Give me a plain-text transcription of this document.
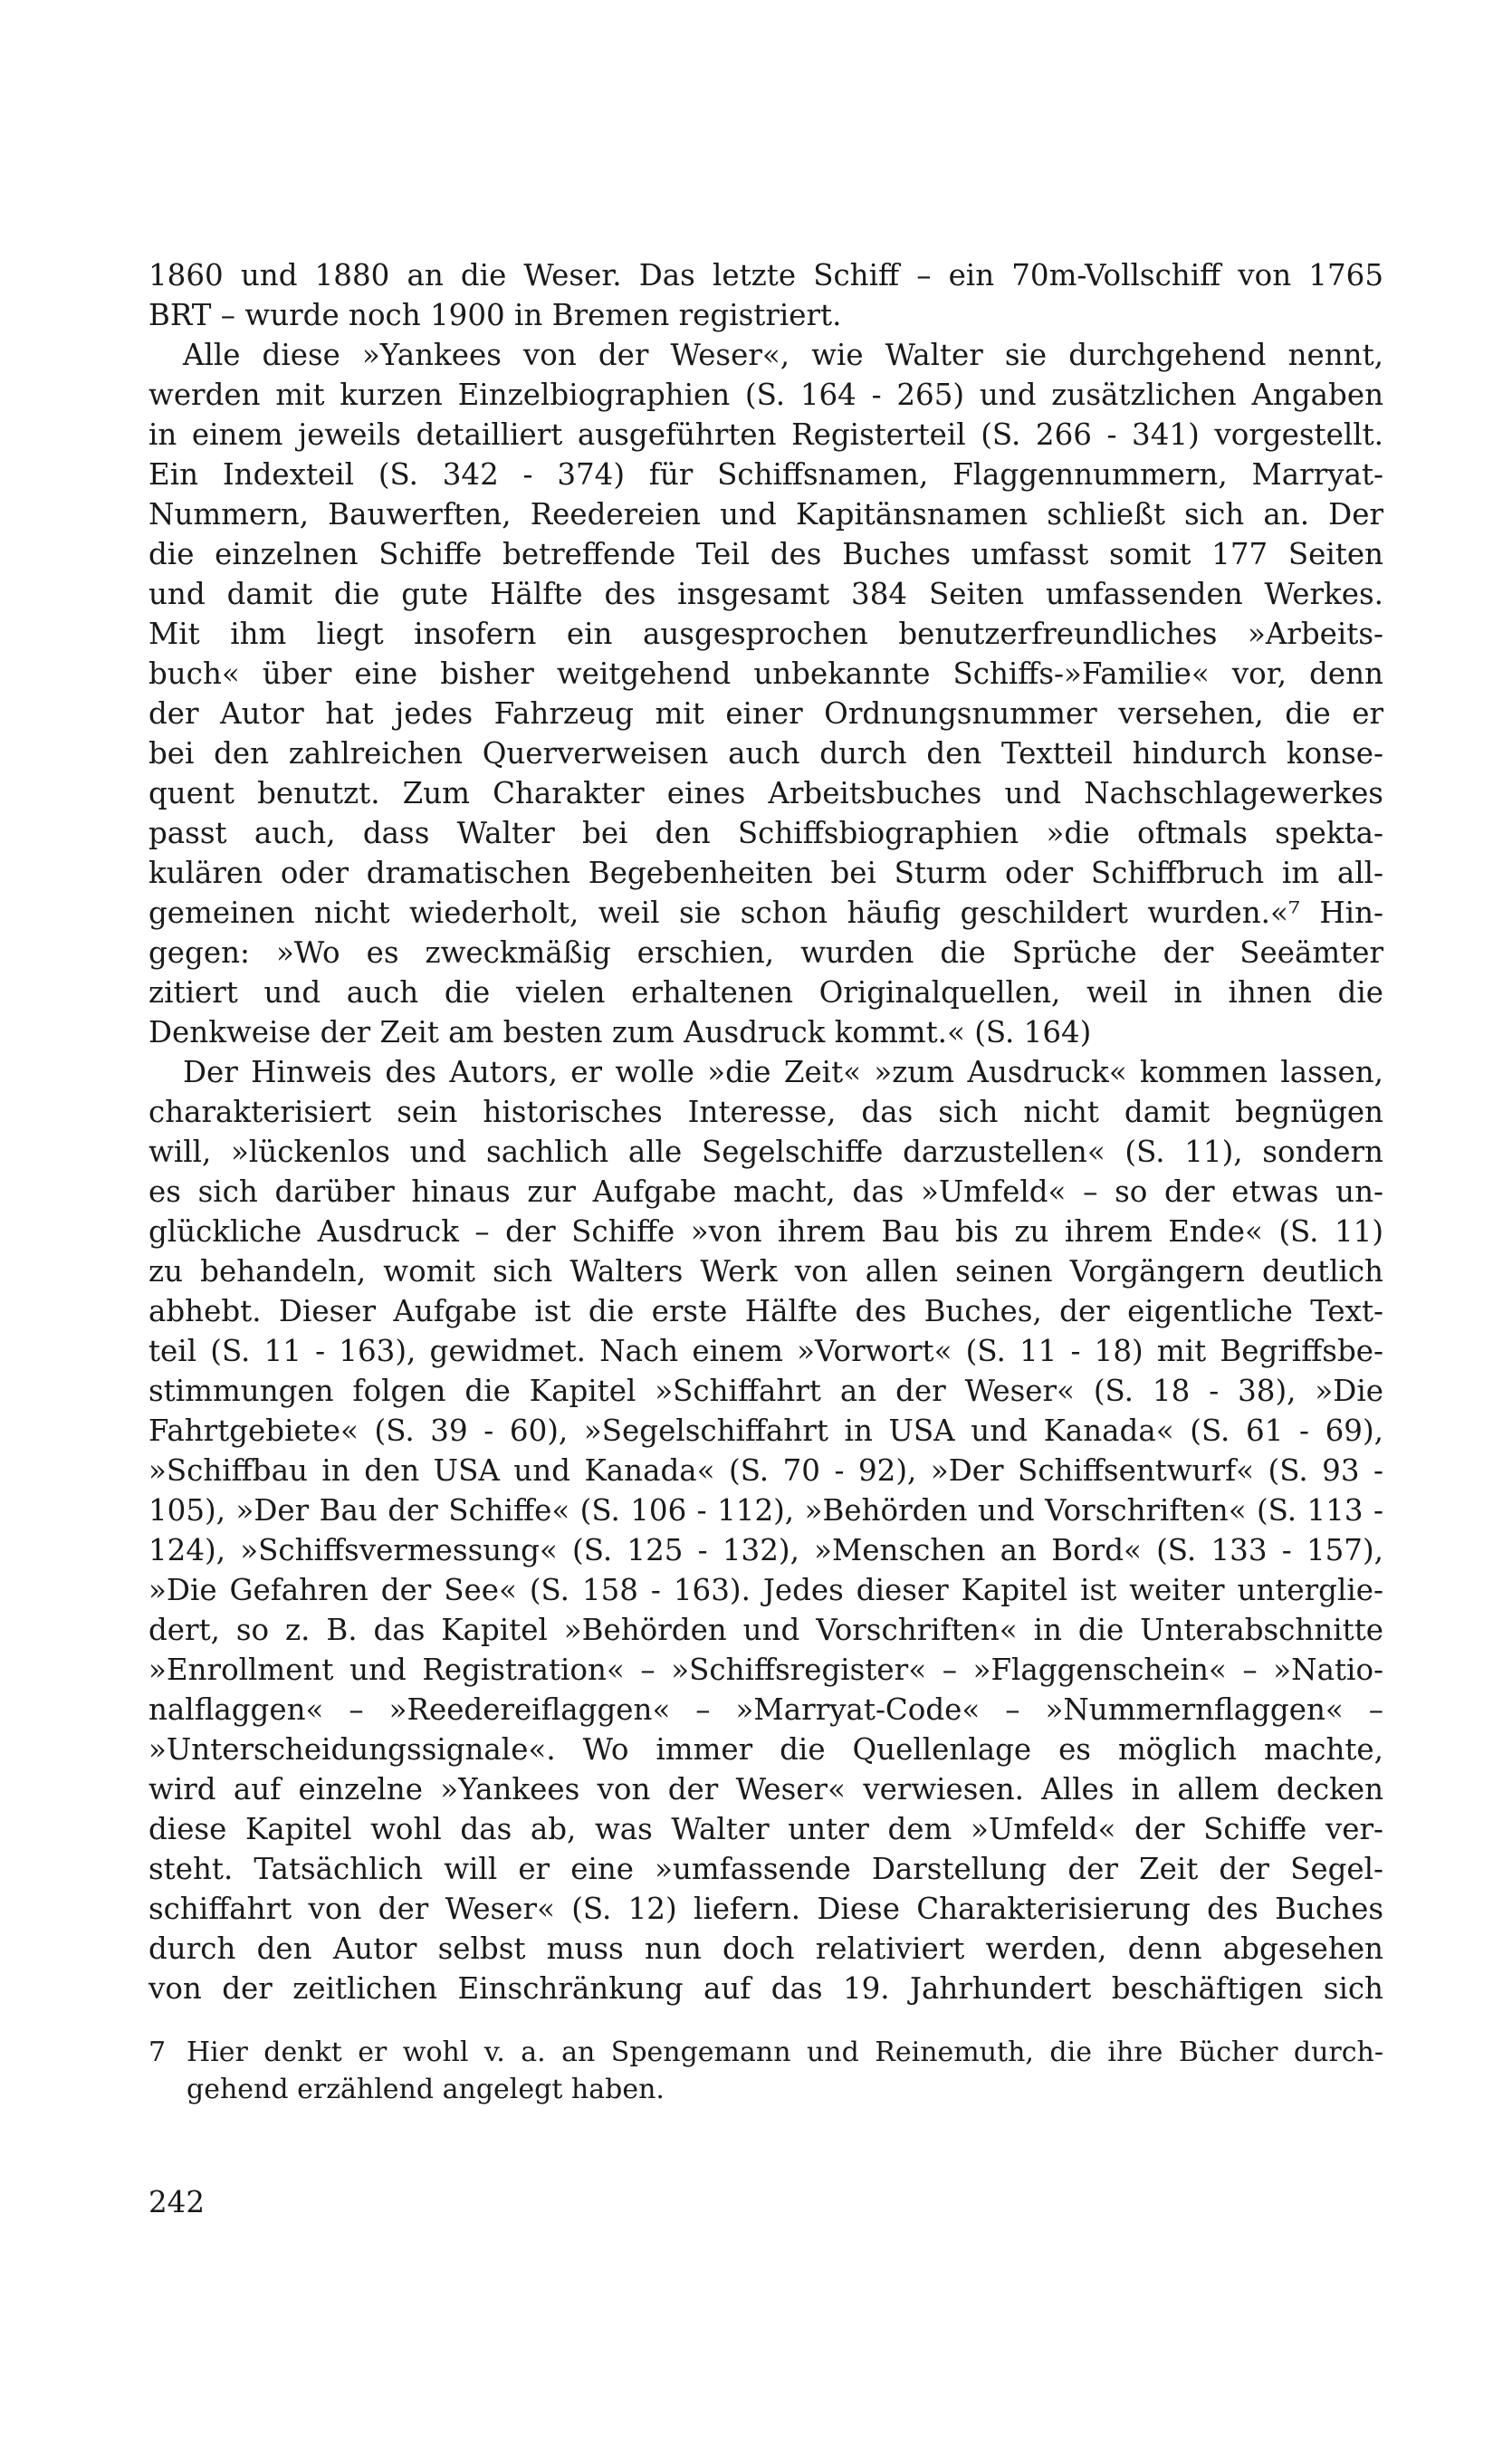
1860 und 1880 an die Weser. Das letzte Schiff – ein 70m-Vollschiff von 1765
BRT – wurde noch 1900 in Bremen registriert.
Alle diese »Yankees von der Weser«, wie Walter sie durchgehend nennt,
werden mit kurzen Einzelbiographien (S. 164 - 265) und zusätzlichen Angaben
in einem jeweils detailliert ausgeführten Registerteil (S. 266 - 341) vorgestellt.
Ein Indexteil (S. 342 - 374) für Schiffsnamen, Flaggennummern, Marryat-
Nummern, Bauwerften, Reedereien und Kapitänsnamen schließt sich an. Der
die einzelnen Schiffe betreffende Teil des Buches umfasst somit 177 Seiten
und damit die gute Hälfte des insgesamt 384 Seiten umfassenden Werkes.
Mit ihm liegt insofern ein ausgesprochen benutzerfreundliches »Arbeits-
buch« über eine bisher weitgehend unbekannte Schiffs-»Familie« vor, denn
der Autor hat jedes Fahrzeug mit einer Ordnungsnummer versehen, die er
bei den zahlreichen Querverweisen auch durch den Textteil hindurch konse-
quent benutzt. Zum Charakter eines Arbeitsbuches und Nachschlagewerkes
passt auch, dass Walter bei den Schiffsbiographien »die oftmals spekta-
kulären oder dramatischen Begebenheiten bei Sturm oder Schiffbruch im all-
gemeinen nicht wiederholt, weil sie schon häufig geschildert wurden.«⁷ Hin-
gegen: »Wo es zweckmäßig erschien, wurden die Sprüche der Seeämter
zitiert und auch die vielen erhaltenen Originalquellen, weil in ihnen die
Denkweise der Zeit am besten zum Ausdruck kommt.« (S. 164)
Der Hinweis des Autors, er wolle »die Zeit« »zum Ausdruck« kommen lassen,
charakterisiert sein historisches Interesse, das sich nicht damit begnügen
will, »lückenlos und sachlich alle Segelschiffe darzustellen« (S. 11), sondern
es sich darüber hinaus zur Aufgabe macht, das »Umfeld« – so der etwas un-
glückliche Ausdruck – der Schiffe »von ihrem Bau bis zu ihrem Ende« (S. 11)
zu behandeln, womit sich Walters Werk von allen seinen Vorgängern deutlich
abhebt. Dieser Aufgabe ist die erste Hälfte des Buches, der eigentliche Text-
teil (S. 11 - 163), gewidmet. Nach einem »Vorwort« (S. 11 - 18) mit Begriffsbe-
stimmungen folgen die Kapitel »Schiffahrt an der Weser« (S. 18 - 38), »Die
Fahrtgebiete« (S. 39 - 60), »Segelschiffahrt in USA und Kanada« (S. 61 - 69),
»Schiffbau in den USA und Kanada« (S. 70 - 92), »Der Schiffsentwurf« (S. 93 -
105), »Der Bau der Schiffe« (S. 106 - 112), »Behörden und Vorschriften« (S. 113 -
124), »Schiffsvermessung« (S. 125 - 132), »Menschen an Bord« (S. 133 - 157),
»Die Gefahren der See« (S. 158 - 163). Jedes dieser Kapitel ist weiter unterglie-
dert, so z. B. das Kapitel »Behörden und Vorschriften« in die Unterabschnitte
»Enrollment und Registration« – »Schiffsregister« – »Flaggenschein« – »Natio-
nalflaggen« – »Reedereiflaggen« – »Marryat-Code« – »Nummernflaggen« –
»Unterscheidungssignale«. Wo immer die Quellenlage es möglich machte,
wird auf einzelne »Yankees von der Weser« verwiesen. Alles in allem decken
diese Kapitel wohl das ab, was Walter unter dem »Umfeld« der Schiffe ver-
steht. Tatsächlich will er eine »umfassende Darstellung der Zeit der Segel-
schiffahrt von der Weser« (S. 12) liefern. Diese Charakterisierung des Buches
durch den Autor selbst muss nun doch relativiert werden, denn abgesehen
von der zeitlichen Einschränkung auf das 19. Jahrhundert beschäftigen sich
7 Hier denkt er wohl v. a. an Spengemann und Reinemuth, die ihre Bücher durch-
gehend erzählend angelegt haben.
242
